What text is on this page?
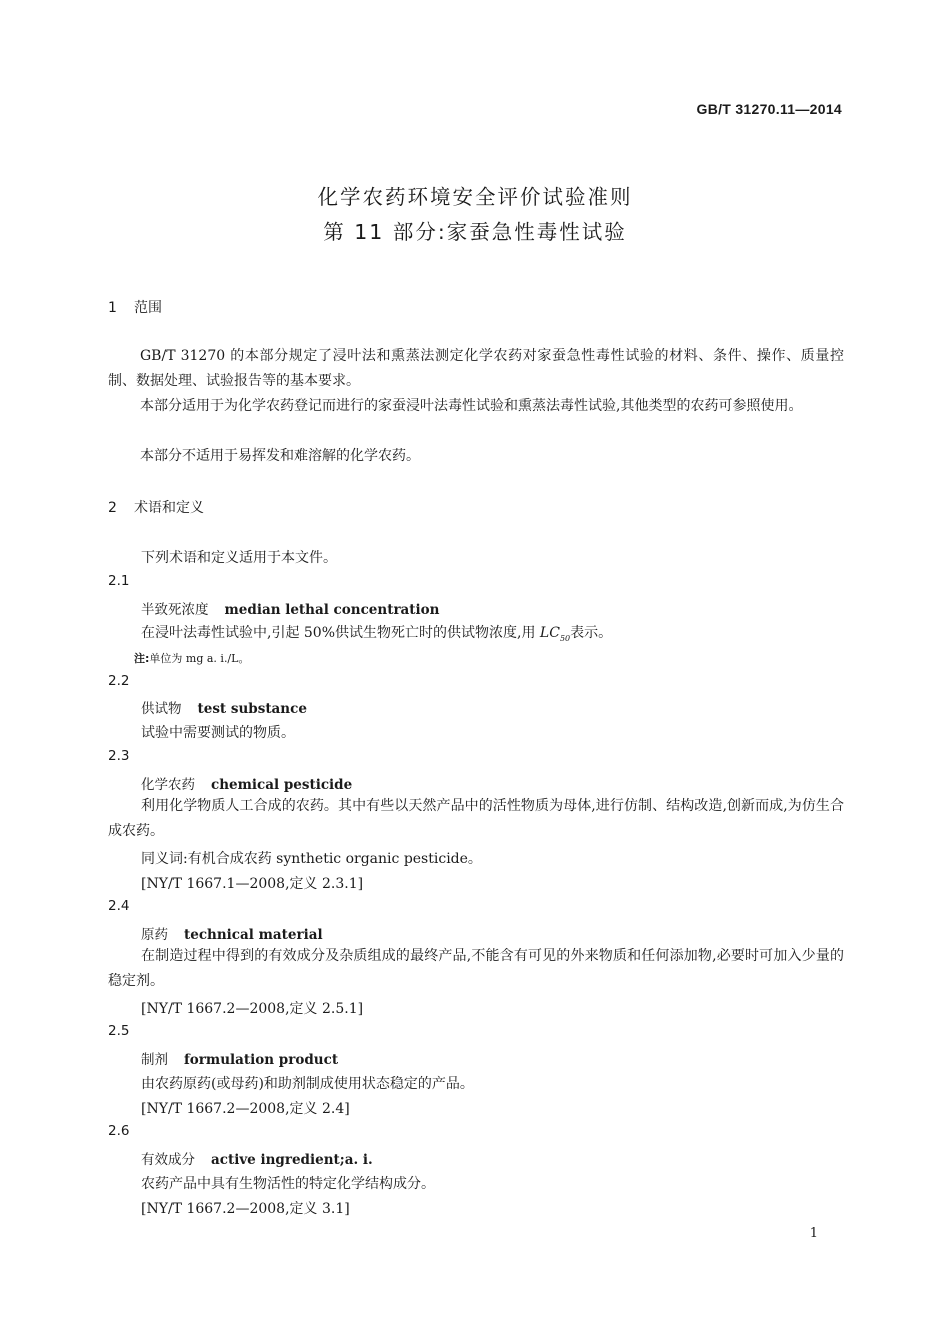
GB/T 31270.11—2014
化学农药环境安全评价试验准则
第 11 部分:家蚕急性毒性试验
1 范围
GB/T 31270 的本部分规定了浸叶法和熏蒸法测定化学农药对家蚕急性毒性试验的材料、条件、操作、质量控制、数据处理、试验报告等的基本要求。
本部分适用于为化学农药登记而进行的家蚕浸叶法毒性试验和熏蒸法毒性试验,其他类型的农药可参照使用。
本部分不适用于易挥发和难溶解的化学农药。
2 术语和定义
下列术语和定义适用于本文件。
2.1
半致死浓度 median lethal concentration
在浸叶法毒性试验中,引起 50%供试生物死亡时的供试物浓度,用 $LC_{50}$表示。
注:单位为 mg a. i./L。
2.2
供试物 test substance
试验中需要测试的物质。
2.3
化学农药 chemical pesticide
利用化学物质人工合成的农药。其中有些以天然产品中的活性物质为母体,进行仿制、结构改造,创新而成,为仿生合成农药。
同义词:有机合成农药 synthetic organic pesticide。
[NY/T 1667.1—2008,定义 2.3.1]
2.4
原药 technical material
在制造过程中得到的有效成分及杂质组成的最终产品,不能含有可见的外来物质和任何添加物,必要时可加入少量的稳定剂。
[NY/T 1667.2—2008,定义 2.5.1]
2.5
制剂 formulation product
由农药原药(或母药)和助剂制成使用状态稳定的产品。
[NY/T 1667.2—2008,定义 2.4]
2.6
有效成分 active ingredient;a. i.
农药产品中具有生物活性的特定化学结构成分。
[NY/T 1667.2—2008,定义 3.1]
1
